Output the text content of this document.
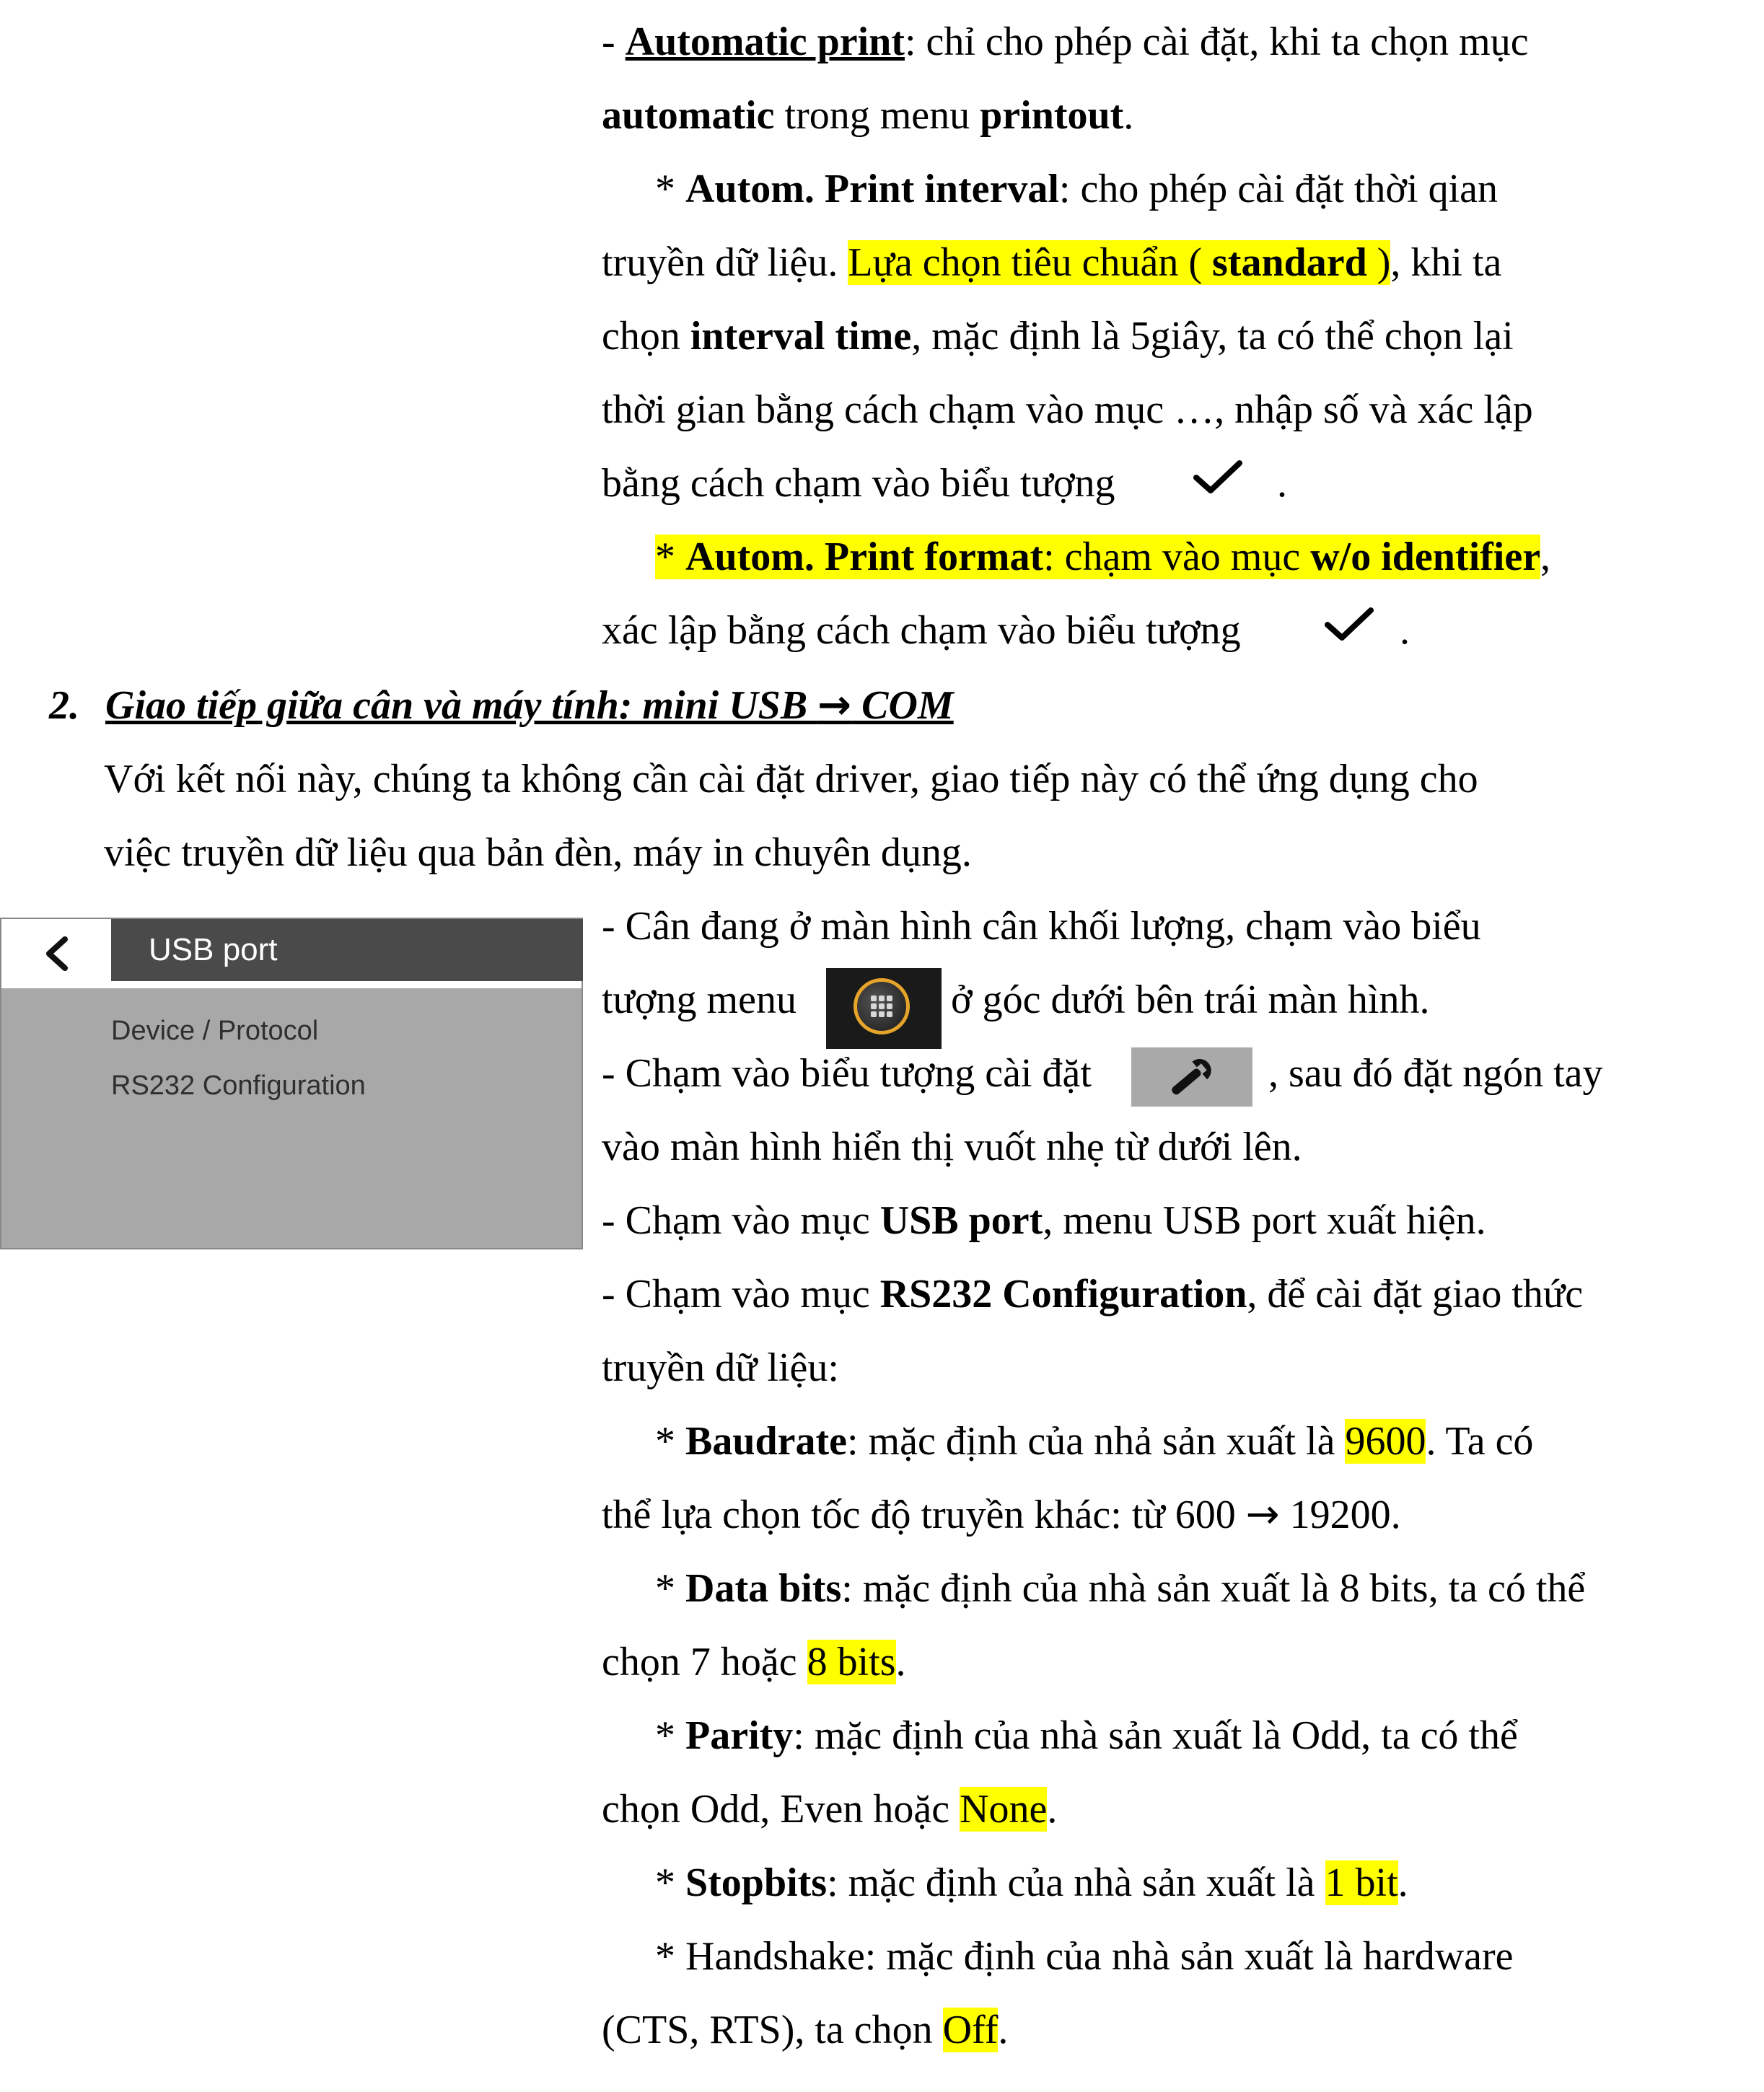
- Automatic print: chỉ cho phép cài đặt, khi ta chọn mục
automatic trong menu printout.
* Autom. Print interval: cho phép cài đặt thời qian
truyền dữ liệu. Lựa chọn tiêu chuẩn ( standard ), khi ta
chọn interval time, mặc định là 5giây, ta có thể chọn lại
thời gian bằng cách chạm vào mục …, nhập số và xác lập
bằng cách chạm vào biểu tượng	.
* Autom. Print format: chạm vào mục w/o identifier,
xác lập bằng cách chạm vào biểu tượng	.
2. Giao tiếp giữa cân và máy tính: mini USB → COM
Với kết nối này, chúng ta không cần cài đặt driver, giao tiếp này có thể ứng dụng cho
việc truyền dữ liệu qua bản đèn, máy in chuyên dụng.
USB port
Device / Protocol
RS232 Configuration
- Cân đang ở màn hình cân khối lượng, chạm vào biểu
tượng menu	ở góc dưới bên trái màn hình.
- Chạm vào biểu tượng cài đặt	, sau đó đặt ngón tay
vào màn hình hiển thị vuốt nhẹ từ dưới lên.
- Chạm vào mục USB port, menu USB port xuất hiện.
- Chạm vào mục RS232 Configuration, để cài đặt giao thức
truyền dữ liệu:
* Baudrate: mặc định của nhả sản xuất là 9600. Ta có
thể lựa chọn tốc độ truyền khác: từ 600 → 19200.
* Data bits: mặc định của nhà sản xuất là 8 bits, ta có thể
chọn 7 hoặc 8 bits.
* Parity: mặc định của nhà sản xuất là Odd, ta có thể
chọn Odd, Even hoặc None.
* Stopbits: mặc định của nhà sản xuất là 1 bit.
* Handshake: mặc định của nhà sản xuất là hardware
(CTS, RTS), ta chọn Off.
